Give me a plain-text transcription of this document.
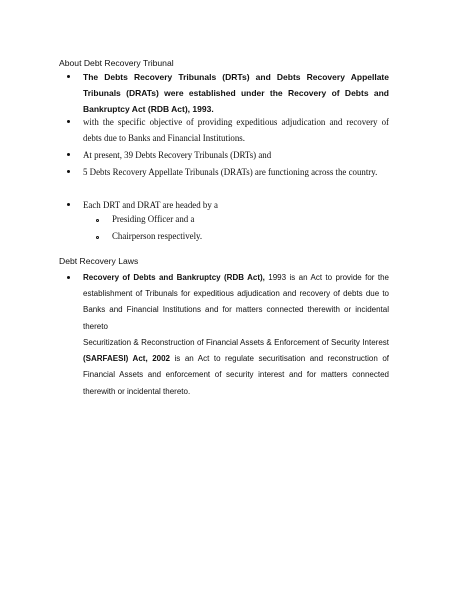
About Debt Recovery Tribunal
The Debts Recovery Tribunals (DRTs) and Debts Recovery Appellate Tribunals (DRATs) were established under the Recovery of Debts and Bankruptcy Act (RDB Act), 1993.
with the specific objective of providing expeditious adjudication and recovery of debts due to Banks and Financial Institutions.
At present, 39 Debts Recovery Tribunals (DRTs) and
5 Debts Recovery Appellate Tribunals (DRATs) are functioning across the country.
Each DRT and DRAT are headed by a
Presiding Officer and a
Chairperson respectively.
Debt Recovery Laws
Recovery of Debts and Bankruptcy (RDB Act), 1993 is an Act to provide for the establishment of Tribunals for expeditious adjudication and recovery of debts due to Banks and Financial Institutions and for matters connected therewith or incidental thereto
Securitization & Reconstruction of Financial Assets & Enforcement of Security Interest (SARFAESI) Act, 2002 is an Act to regulate securitisation and reconstruction of Financial Assets and enforcement of security interest and for matters connected therewith or incidental thereto.
